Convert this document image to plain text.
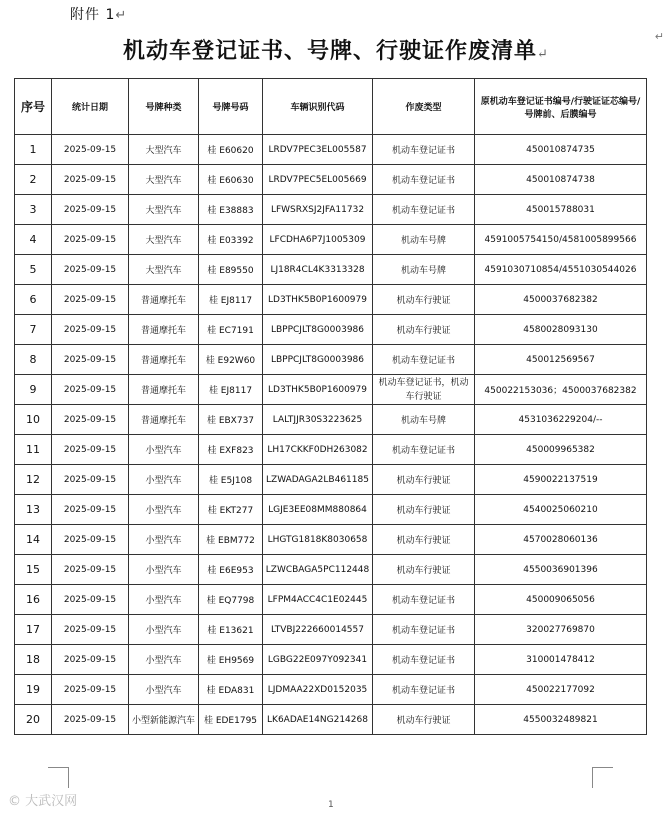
附件 1↵
机动车登记证书、号牌、行驶证作废清单↵
↵
序号	统计日期	号牌种类	号牌号码	车辆识别代码	作废类型	原机动车登记证书编号/行驶证证芯编号/号牌前、后膜编号
1	2025-09-15	大型汽车	桂 E60620	LRDV7PEC3EL005587	机动车登记证书	450010874735
2	2025-09-15	大型汽车	桂 E60630	LRDV7PEC5EL005669	机动车登记证书	450010874738
3	2025-09-15	大型汽车	桂 E38883	LFWSRXSJ2JFA11732	机动车登记证书	450015788031
4	2025-09-15	大型汽车	桂 E03392	LFCDHA6P7J1005309	机动车号牌	4591005754150/4581005899566
5	2025-09-15	大型汽车	桂 E89550	LJ18R4CL4K3313328	机动车号牌	4591030710854/4551030544026
6	2025-09-15	普通摩托车	桂 EJ8117	LD3THK5B0P1600979	机动车行驶证	4500037682382
7	2025-09-15	普通摩托车	桂 EC7191	LBPPCJLT8G0003986	机动车行驶证	4580028093130
8	2025-09-15	普通摩托车	桂 E92W60	LBPPCJLT8G0003986	机动车登记证书	450012569567
9	2025-09-15	普通摩托车	桂 EJ8117	LD3THK5B0P1600979	机动车登记证书，机动车行驶证	450022153036；4500037682382
10	2025-09-15	普通摩托车	桂 EBX737	LALTJJR30S3223625	机动车号牌	4531036229204/--
11	2025-09-15	小型汽车	桂 EXF823	LH17CKKF0DH263082	机动车登记证书	450009965382
12	2025-09-15	小型汽车	桂 E5J108	LZWADAGA2LB461185	机动车行驶证	4590022137519
13	2025-09-15	小型汽车	桂 EKT277	LGJE3EE08MM880864	机动车行驶证	4540025060210
14	2025-09-15	小型汽车	桂 EBM772	LHGTG1818K8030658	机动车行驶证	4570028060136
15	2025-09-15	小型汽车	桂 E6E953	LZWCBAGA5PC112448	机动车行驶证	4550036901396
16	2025-09-15	小型汽车	桂 EQ7798	LFPM4ACC4C1E02445	机动车登记证书	450009065056
17	2025-09-15	小型汽车	桂 E13621	LTVBJ222660014557	机动车登记证书	320027769870
18	2025-09-15	小型汽车	桂 EH9569	LGBG22E097Y092341	机动车登记证书	310001478412
19	2025-09-15	小型汽车	桂 EDA831	LJDMAA22XD0152035	机动车登记证书	450022177092
20	2025-09-15	小型新能源汽车	桂 EDE1795	LK6ADAE14NG214268	机动车行驶证	4550032489821
1
© 大武汉网
